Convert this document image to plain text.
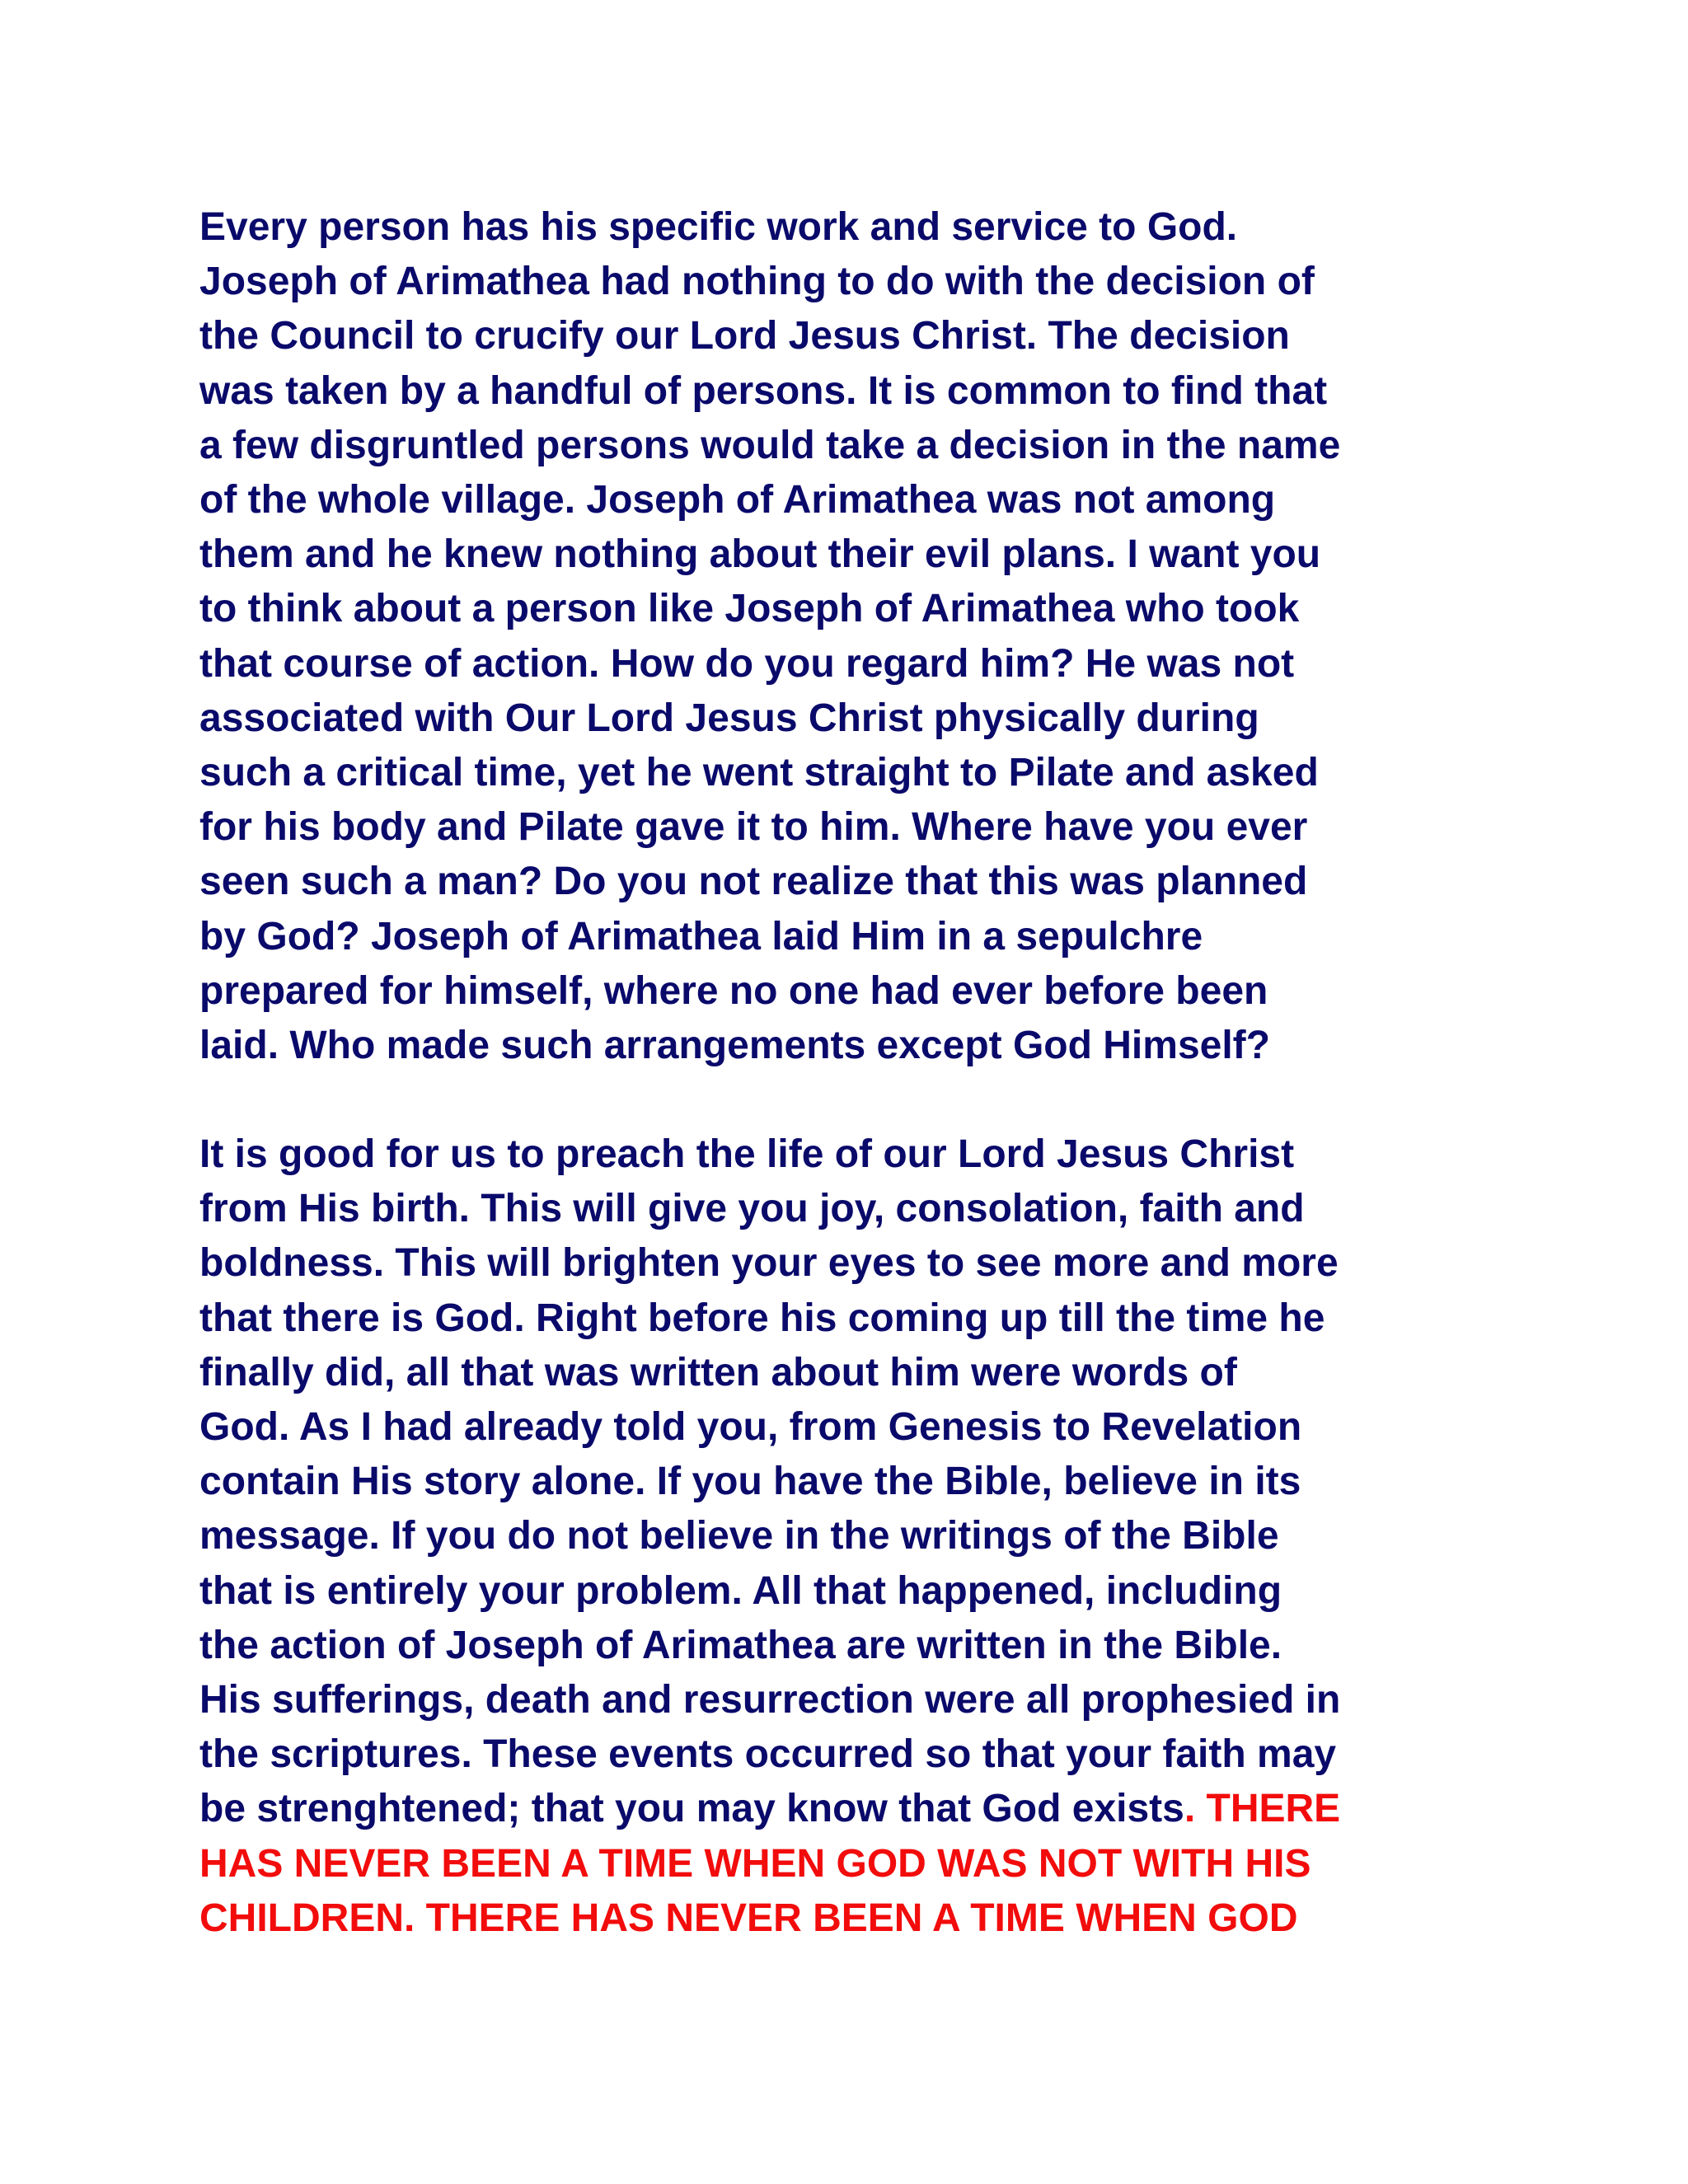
Every person has his specific work and service to God.
Joseph of Arimathea had nothing to do with the decision of
the Council to crucify our Lord Jesus Christ. The decision
was taken by a handful of persons. It is common to find that
a few disgruntled persons would take a decision in the name
of the whole village. Joseph of Arimathea was not among
them and he knew nothing about their evil plans. I want you
to think about a person like Joseph of Arimathea who took
that course of action. How do you regard him? He was not
associated with Our Lord Jesus Christ physically during
such a critical time, yet he went straight to Pilate and asked
for his body and Pilate gave it to him. Where have you ever
seen such a man? Do you not realize that this was planned
by God? Joseph of Arimathea laid Him in a sepulchre
prepared for himself, where no one had ever before been
laid. Who made such arrangements except God Himself?

It is good for us to preach the life of our Lord Jesus Christ
from His birth. This will give you joy, consolation, faith and
boldness. This will brighten your eyes to see more and more
that there is God. Right before his coming up till the time he
finally did, all that was written about him were words of
God. As I had already told you, from Genesis to Revelation
contain His story alone. If you have the Bible, believe in its
message. If you do not believe in the writings of the Bible
that is entirely your problem. All that happened, including
the action of Joseph of Arimathea are written in the Bible.
His sufferings, death and resurrection were all prophesied in
the scriptures. These events occurred so that your faith may
be strenghtened; that you may know that God exists. THERE
HAS NEVER BEEN A TIME WHEN GOD WAS NOT WITH HIS
CHILDREN. THERE HAS NEVER BEEN A TIME WHEN GOD
